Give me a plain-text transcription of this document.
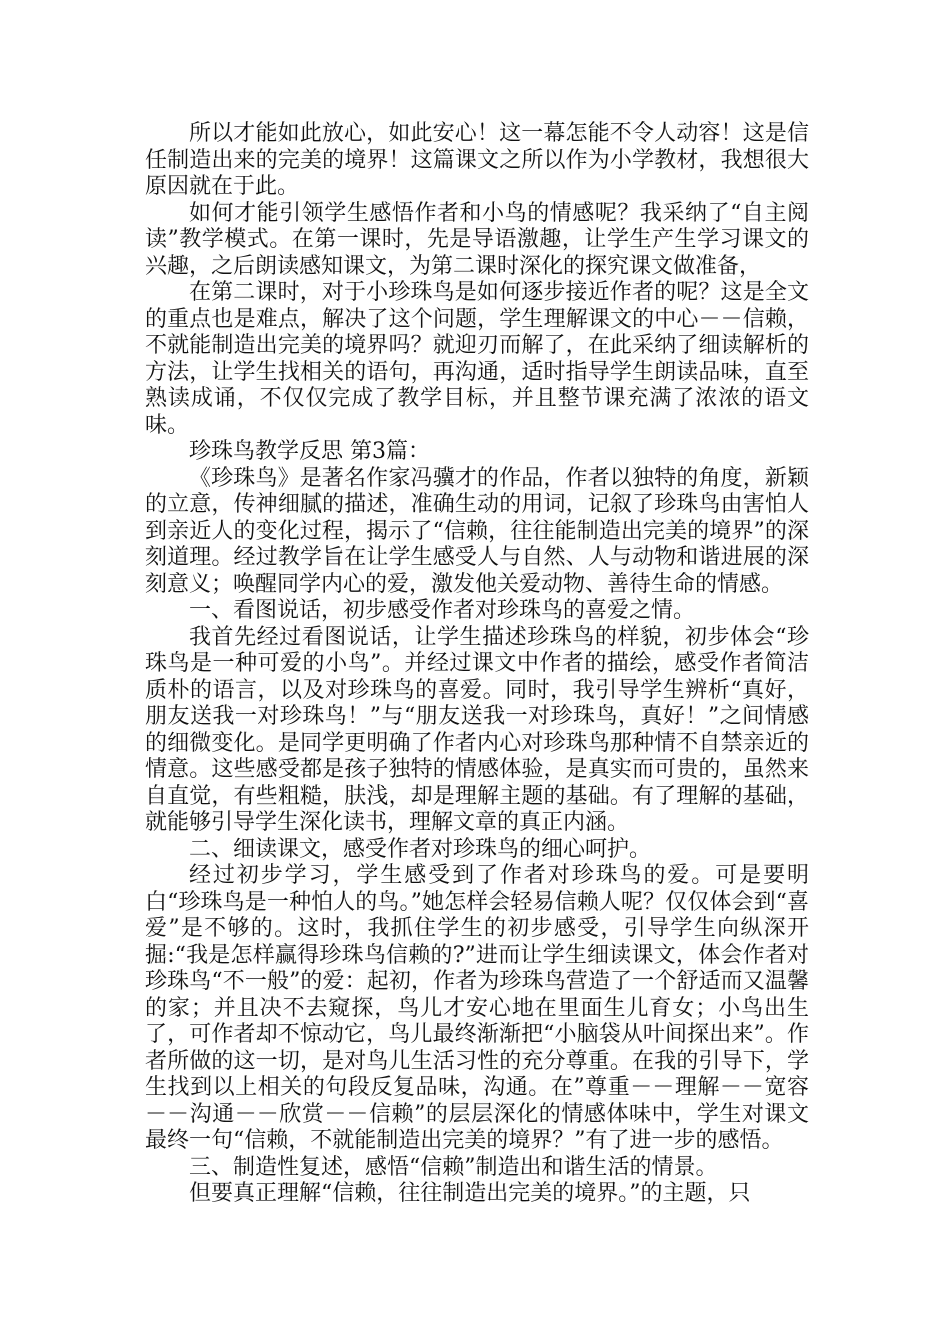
所以才能如此放心，如此安心！这一幕怎能不令人动容！这是信任制造出来的完美的境界！这篇课文之所以作为小学教材，我想很大原因就在于此。

如何才能引领学生感悟作者和小鸟的情感呢？我采纳了“自主阅读”教学模式。在第一课时，先是导语激趣，让学生产生学习课文的兴趣，之后朗读感知课文，为第二课时深化的探究课文做准备，

在第二课时，对于小珍珠鸟是如何逐步接近作者的呢？这是全文的重点也是难点，解决了这个问题，学生理解课文的中心－－信赖，不就能制造出完美的境界吗？就迎刃而解了，在此采纳了细读解析的方法，让学生找相关的语句，再沟通，适时指导学生朗读品味，直至熟读成诵，不仅仅完成了教学目标，并且整节课充满了浓浓的语文味。

珍珠鸟教学反思 第3篇：

《珍珠鸟》是著名作家冯骥才的作品，作者以独特的角度，新颖的立意，传神细腻的描述，准确生动的用词，记叙了珍珠鸟由害怕人到亲近人的变化过程，揭示了“信赖，往往能制造出完美的境界”的深刻道理。经过教学旨在让学生感受人与自然、人与动物和谐进展的深刻意义；唤醒同学内心的爱，激发他关爱动物、善待生命的情感。

一、看图说话，初步感受作者对珍珠鸟的喜爱之情。

我首先经过看图说话，让学生描述珍珠鸟的样貌，初步体会“珍珠鸟是一种可爱的小鸟”。并经过课文中作者的描绘，感受作者简洁质朴的语言，以及对珍珠鸟的喜爱。同时，我引导学生辨析“真好，朋友送我一对珍珠鸟！”与“朋友送我一对珍珠鸟，真好！”之间情感的细微变化。是同学更明确了作者内心对珍珠鸟那种情不自禁亲近的情意。这些感受都是孩子独特的情感体验，是真实而可贵的，虽然来自直觉，有些粗糙，肤浅，却是理解主题的基础。有了理解的基础，就能够引导学生深化读书，理解文章的真正内涵。

二、细读课文，感受作者对珍珠鸟的细心呵护。

经过初步学习，学生感受到了作者对珍珠鸟的爱。可是要明白“珍珠鸟是一种怕人的鸟。”她怎样会轻易信赖人呢？仅仅体会到“喜爱”是不够的。这时，我抓住学生的初步感受，引导学生向纵深开掘:“我是怎样赢得珍珠鸟信赖的?”进而让学生细读课文，体会作者对珍珠鸟“不一般”的爱：起初，作者为珍珠鸟营造了一个舒适而又温馨的家；并且决不去窥探，鸟儿才安心地在里面生儿育女；小鸟出生了，可作者却不惊动它，鸟儿最终渐渐把“小脑袋从叶间探出来”。作者所做的这一切，是对鸟儿生活习性的充分尊重。在我的引导下，学生找到以上相关的句段反复品味，沟通。在”尊重－－理解－－宽容－－沟通－－欣赏－－信赖”的层层深化的情感体味中，学生对课文最终一句“信赖，不就能制造出完美的境界？”有了进一步的感悟。

三、制造性复述，感悟“信赖”制造出和谐生活的情景。

但要真正理解“信赖，往往制造出完美的境界。”的主题，只
